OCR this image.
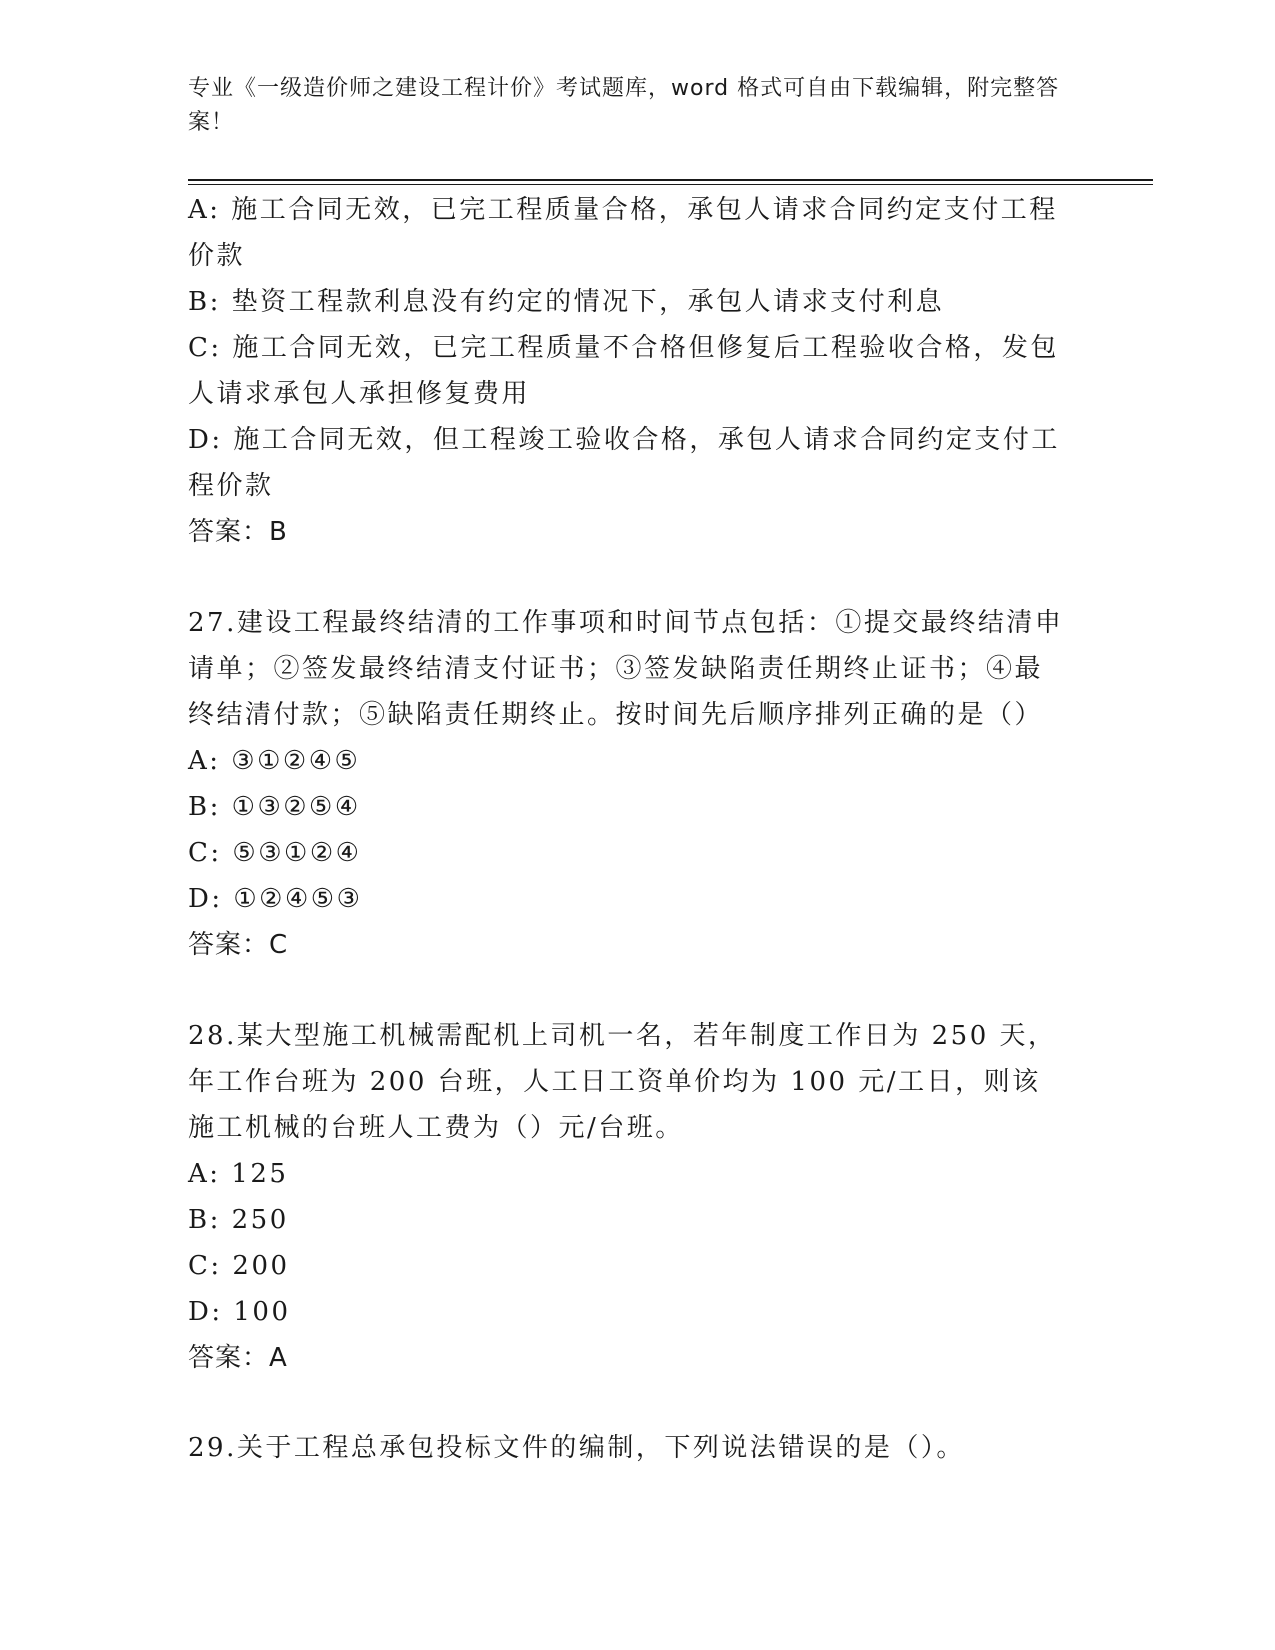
专业《一级造价师之建设工程计价》考试题库，word 格式可自由下载编辑，附完整答案！
A: 施工合同无效，已完工程质量合格，承包人请求合同约定支付工程价款
B: 垫资工程款利息没有约定的情况下，承包人请求支付利息
C: 施工合同无效，已完工程质量不合格但修复后工程验收合格，发包人请求承包人承担修复费用
D: 施工合同无效，但工程竣工验收合格，承包人请求合同约定支付工程价款
答案：B
27.建设工程最终结清的工作事项和时间节点包括：①提交最终结清申请单；②签发最终结清支付证书；③签发缺陷责任期终止证书；④最终结清付款；⑤缺陷责任期终止。按时间先后顺序排列正确的是（）
A: ③①②④⑤
B: ①③②⑤④
C: ⑤③①②④
D: ①②④⑤③
答案：C
28.某大型施工机械需配机上司机一名，若年制度工作日为 250 天，年工作台班为 200 台班，人工日工资单价均为 100 元/工日，则该施工机械的台班人工费为（）元/台班。
A: 125
B: 250
C: 200
D: 100
答案：A
29.关于工程总承包投标文件的编制，下列说法错误的是（）。
